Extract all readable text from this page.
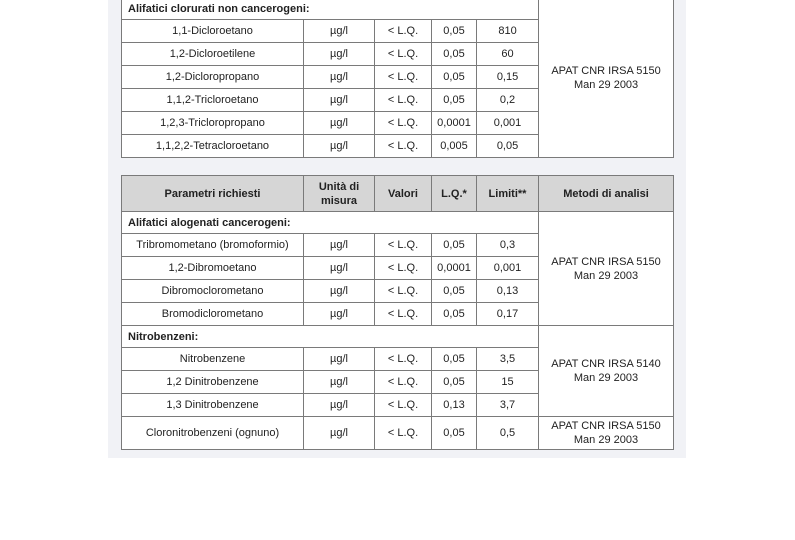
Alifatici clorurati non cancerogeni:					APAT CNR IRSA 5150 Man 29 2003
1,1-Dicloroetano	µg/l	< L.Q.	0,05	810	
1,2-Dicloroetilene	µg/l	< L.Q.	0,05	60	
1,2-Dicloropropano	µg/l	< L.Q.	0,05	0,15	
1,1,2-Tricloroetano	µg/l	< L.Q.	0,05	0,2	
1,2,3-Tricloropropano	µg/l	< L.Q.	0,0001	0,001	
1,1,2,2-Tetracloroetano	µg/l	< L.Q.	0,005	0,05	
Parametri richiesti	Unità di misura	Valori	L.Q.*	Limiti**	Metodi di analisi
Alifatici alogenati cancerogeni:					APAT CNR IRSA 5150 Man 29 2003
Tribromometano (bromoformio)	µg/l	< L.Q.	0,05	0,3	
1,2-Dibromoetano	µg/l	< L.Q.	0,0001	0,001	
Dibromoclorometano	µg/l	< L.Q.	0,05	0,13	
Bromodiclorometano	µg/l	< L.Q.	0,05	0,17	
Nitrobenzeni:					APAT CNR IRSA 5140 Man 29 2003
Nitrobenzene	µg/l	< L.Q.	0,05	3,5	
1,2 Dinitrobenzene	µg/l	< L.Q.	0,05	15	
1,3 Dinitrobenzene	µg/l	< L.Q.	0,13	3,7	
Cloronitrobenzeni (ognuno)	µg/l	< L.Q.	0,05	0,5	APAT CNR IRSA 5150 Man 29 2003
